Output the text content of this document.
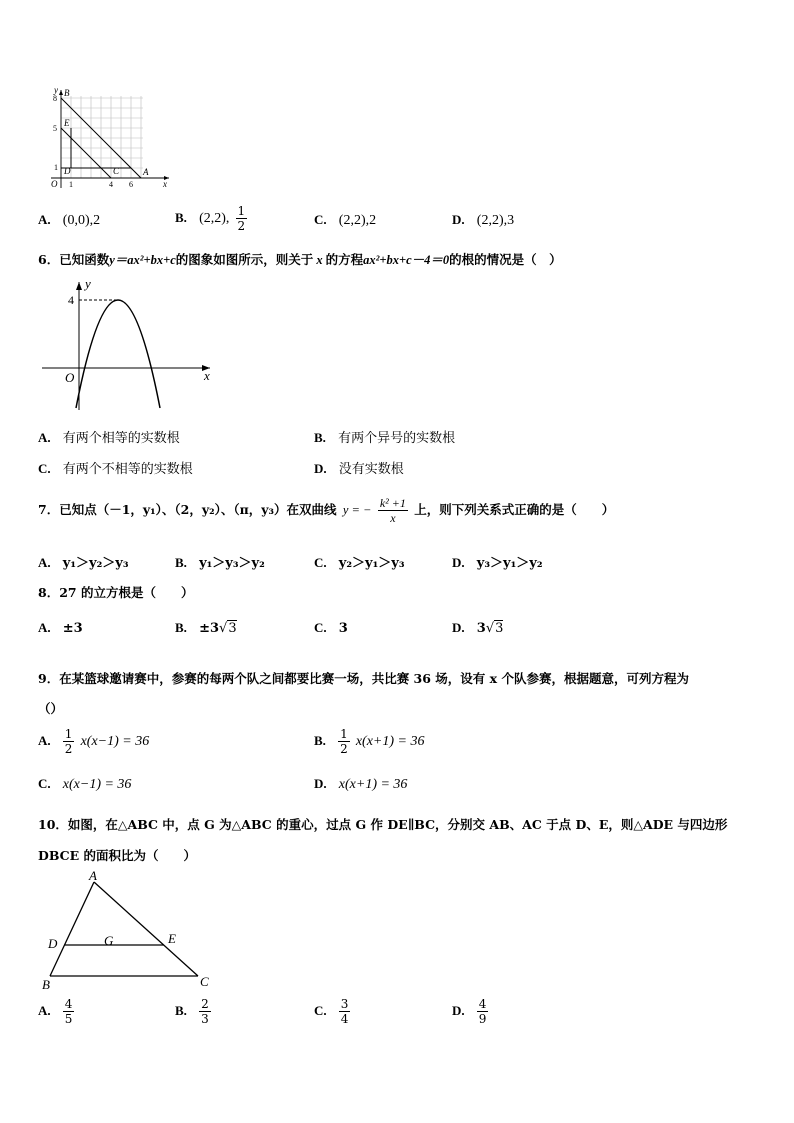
y B
8
5
E
1 D	C	A
O 1	4 6	x
A. (0,0),2	B. (2,2), $\frac{1}{2}$	C. (2,2),2	D. (2,2),3
6．已知函数y＝ax²+bx+c的图象如图所示，则关于 x 的方程ax²+bx+c－4＝0的根的情况是（　）
y
4
O	x
A. 有两个相等的实数根	B. 有两个异号的实数根
C. 有两个不相等的实数根	D. 没有实数根
7．已知点（－1，y₁）、（2，y₂）、（π，y₃）在双曲线 y = − $\frac{\text{k² +1}}{x}$ 上，则下列关系式正确的是（　　）
A. y₁＞y₂＞y₃	B. y₁＞y₃＞y₂	C. y₂＞y₁＞y₃	D. y₃＞y₁＞y₂
8．27 的立方根是（　　）
A. ±3	B. ±3√3	C. 3	D. 3√3
9．在某篮球邀请赛中，参赛的每两个队之间都要比赛一场，共比赛 36 场，设有 x 个队参赛，根据题意，可列方程为
（）
A. $\frac{1}{2} x(x-1) = 36$	B. $\frac{1}{2} x(x+1) = 36$
C. x(x−1) = 36	D. x(x+1) = 36
10．如图，在△ABC 中，点 G 为△ABC 的重心，过点 G 作 DE∥BC，分别交 AB、AC 于点 D、E，则△ADE 与四边形
DBCE 的面积比为（　　）
A
D	G	E
B	C
A. $\frac{4}{5}$	B. $\frac{2}{3}$	C. $\frac{3}{4}$	D. $\frac{4}{9}$
